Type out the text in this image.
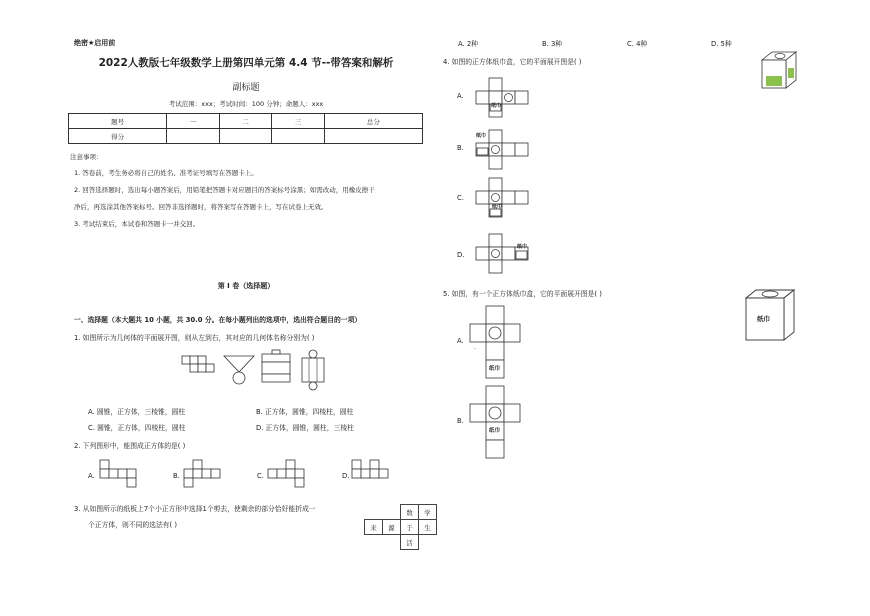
绝密★启用前
2022人教版七年级数学上册第四单元第 4.4 节--带答案和解析
副标题
考试范围：xxx；考试时间：100 分钟；命题人：xxx
题号	一	二	三	总分
得分				
注意事项：
1. 答卷前，考生务必将自己的姓名、准考证号填写在答题卡上。
2. 回答选择题时，选出每小题答案后，用铅笔把答题卡对应题目的答案标号涂黑；如需改动，用橡皮擦干
净后，再选涂其他答案标号。回答非选择题时，将答案写在答题卡上，写在试卷上无效。
3. 考试结束后，本试卷和答题卡一并交回。
第 I 卷（选择题）
一、选择题（本大题共 10 小题，共 30.0 分。在每小题列出的选项中，选出符合题目的一项）
1. 如图所示为几何体的平面展开图，则从左到右，其对应的几何体名称分别为( )
A. 圆锥，正方体，三棱锥，圆柱	B. 正方体，圆锥，四棱柱，圆柱
C. 圆锥，正方体，四棱柱，圆柱	D. 正方体，圆锥，圆柱，三棱柱
2. 下列图形中，能围成正方体的是( )
A.	B.	C.	D.
3. 从如图所示的纸板上7个小正方形中选择1个剪去，使剩余的部分恰好能折成一
个正方体，则不同的选法有( )
		数	学
来	源	于	生
		活	
A. 2种	B. 3种	C. 4种	D. 5种
4. 如图的正方体纸巾盒，它的平面展开图是( )
A.
纸巾
B.
纸巾
C.
纸巾
D.
纸巾
5. 如图，有一个正方体纸巾盒，它的平面展开图是( )
纸巾
A.
.
纸巾
B.
纸巾
